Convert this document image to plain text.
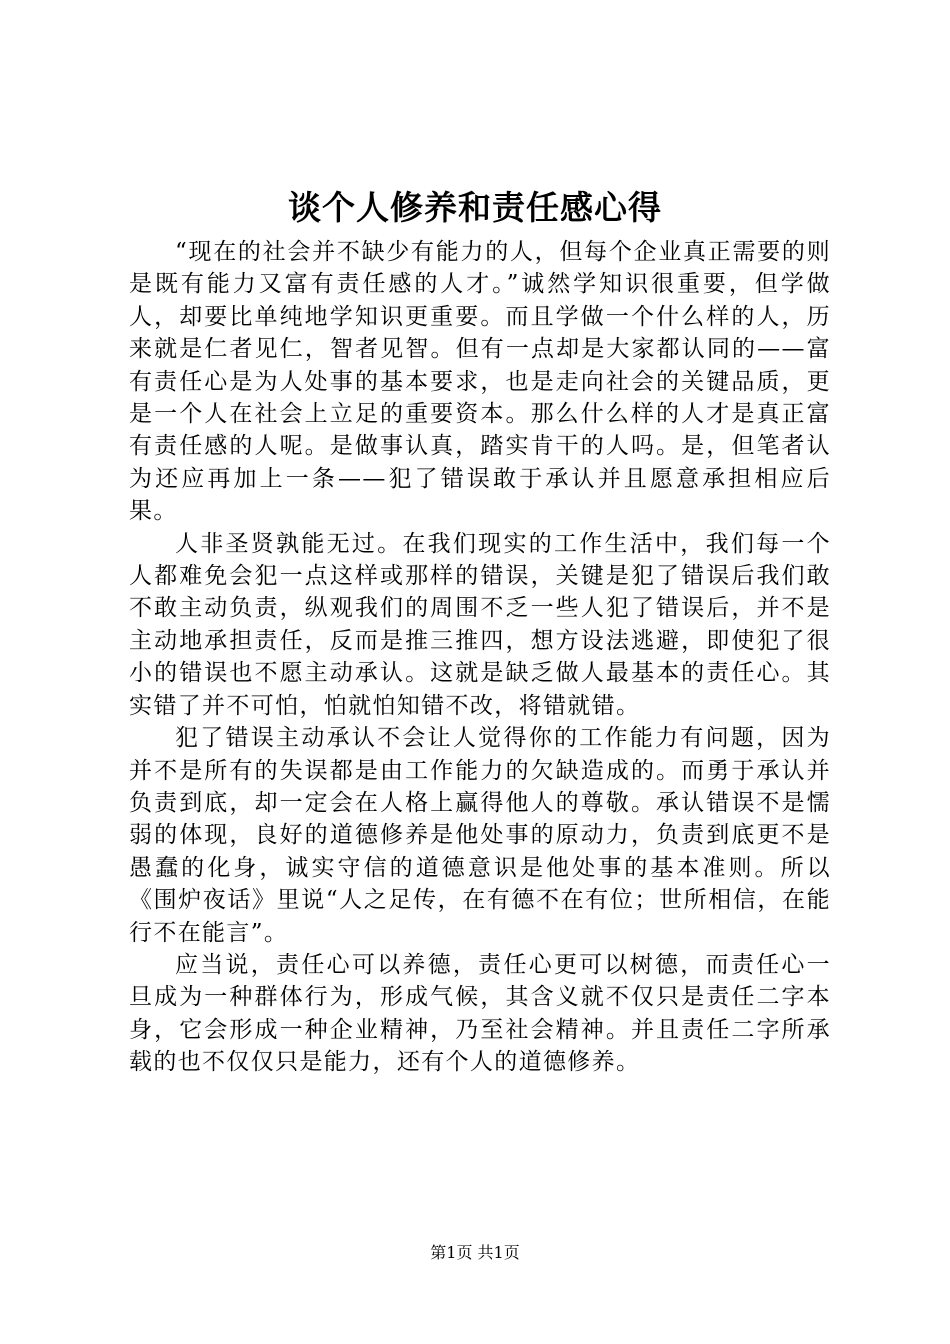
谈个人修养和责任感心得

“现在的社会并不缺少有能力的人，但每个企业真正需要的则是既有能力又富有责任感的人才。”诚然学知识很重要，但学做人，却要比单纯地学知识更重要。而且学做一个什么样的人，历来就是仁者见仁，智者见智。但有一点却是大家都认同的——富有责任心是为人处事的基本要求，也是走向社会的关键品质，更是一个人在社会上立足的重要资本。那么什么样的人才是真正富有责任感的人呢。是做事认真，踏实肯干的人吗。是，但笔者认为还应再加上一条——犯了错误敢于承认并且愿意承担相应后果。

人非圣贤孰能无过。在我们现实的工作生活中，我们每一个人都难免会犯一点这样或那样的错误，关键是犯了错误后我们敢不敢主动负责，纵观我们的周围不乏一些人犯了错误后，并不是主动地承担责任，反而是推三推四，想方设法逃避，即使犯了很小的错误也不愿主动承认。这就是缺乏做人最基本的责任心。其实错了并不可怕，怕就怕知错不改，将错就错。

犯了错误主动承认不会让人觉得你的工作能力有问题，因为并不是所有的失误都是由工作能力的欠缺造成的。而勇于承认并负责到底，却一定会在人格上赢得他人的尊敬。承认错误不是懦弱的体现，良好的道德修养是他处事的原动力，负责到底更不是愚蠢的化身，诚实守信的道德意识是他处事的基本准则。所以《围炉夜话》里说“人之足传，在有德不在有位；世所相信，在能行不在能言”。

应当说，责任心可以养德，责任心更可以树德，而责任心一旦成为一种群体行为，形成气候，其含义就不仅只是责任二字本身，它会形成一种企业精神，乃至社会精神。并且责任二字所承载的也不仅仅只是能力，还有个人的道德修养。

第1页 共1页
